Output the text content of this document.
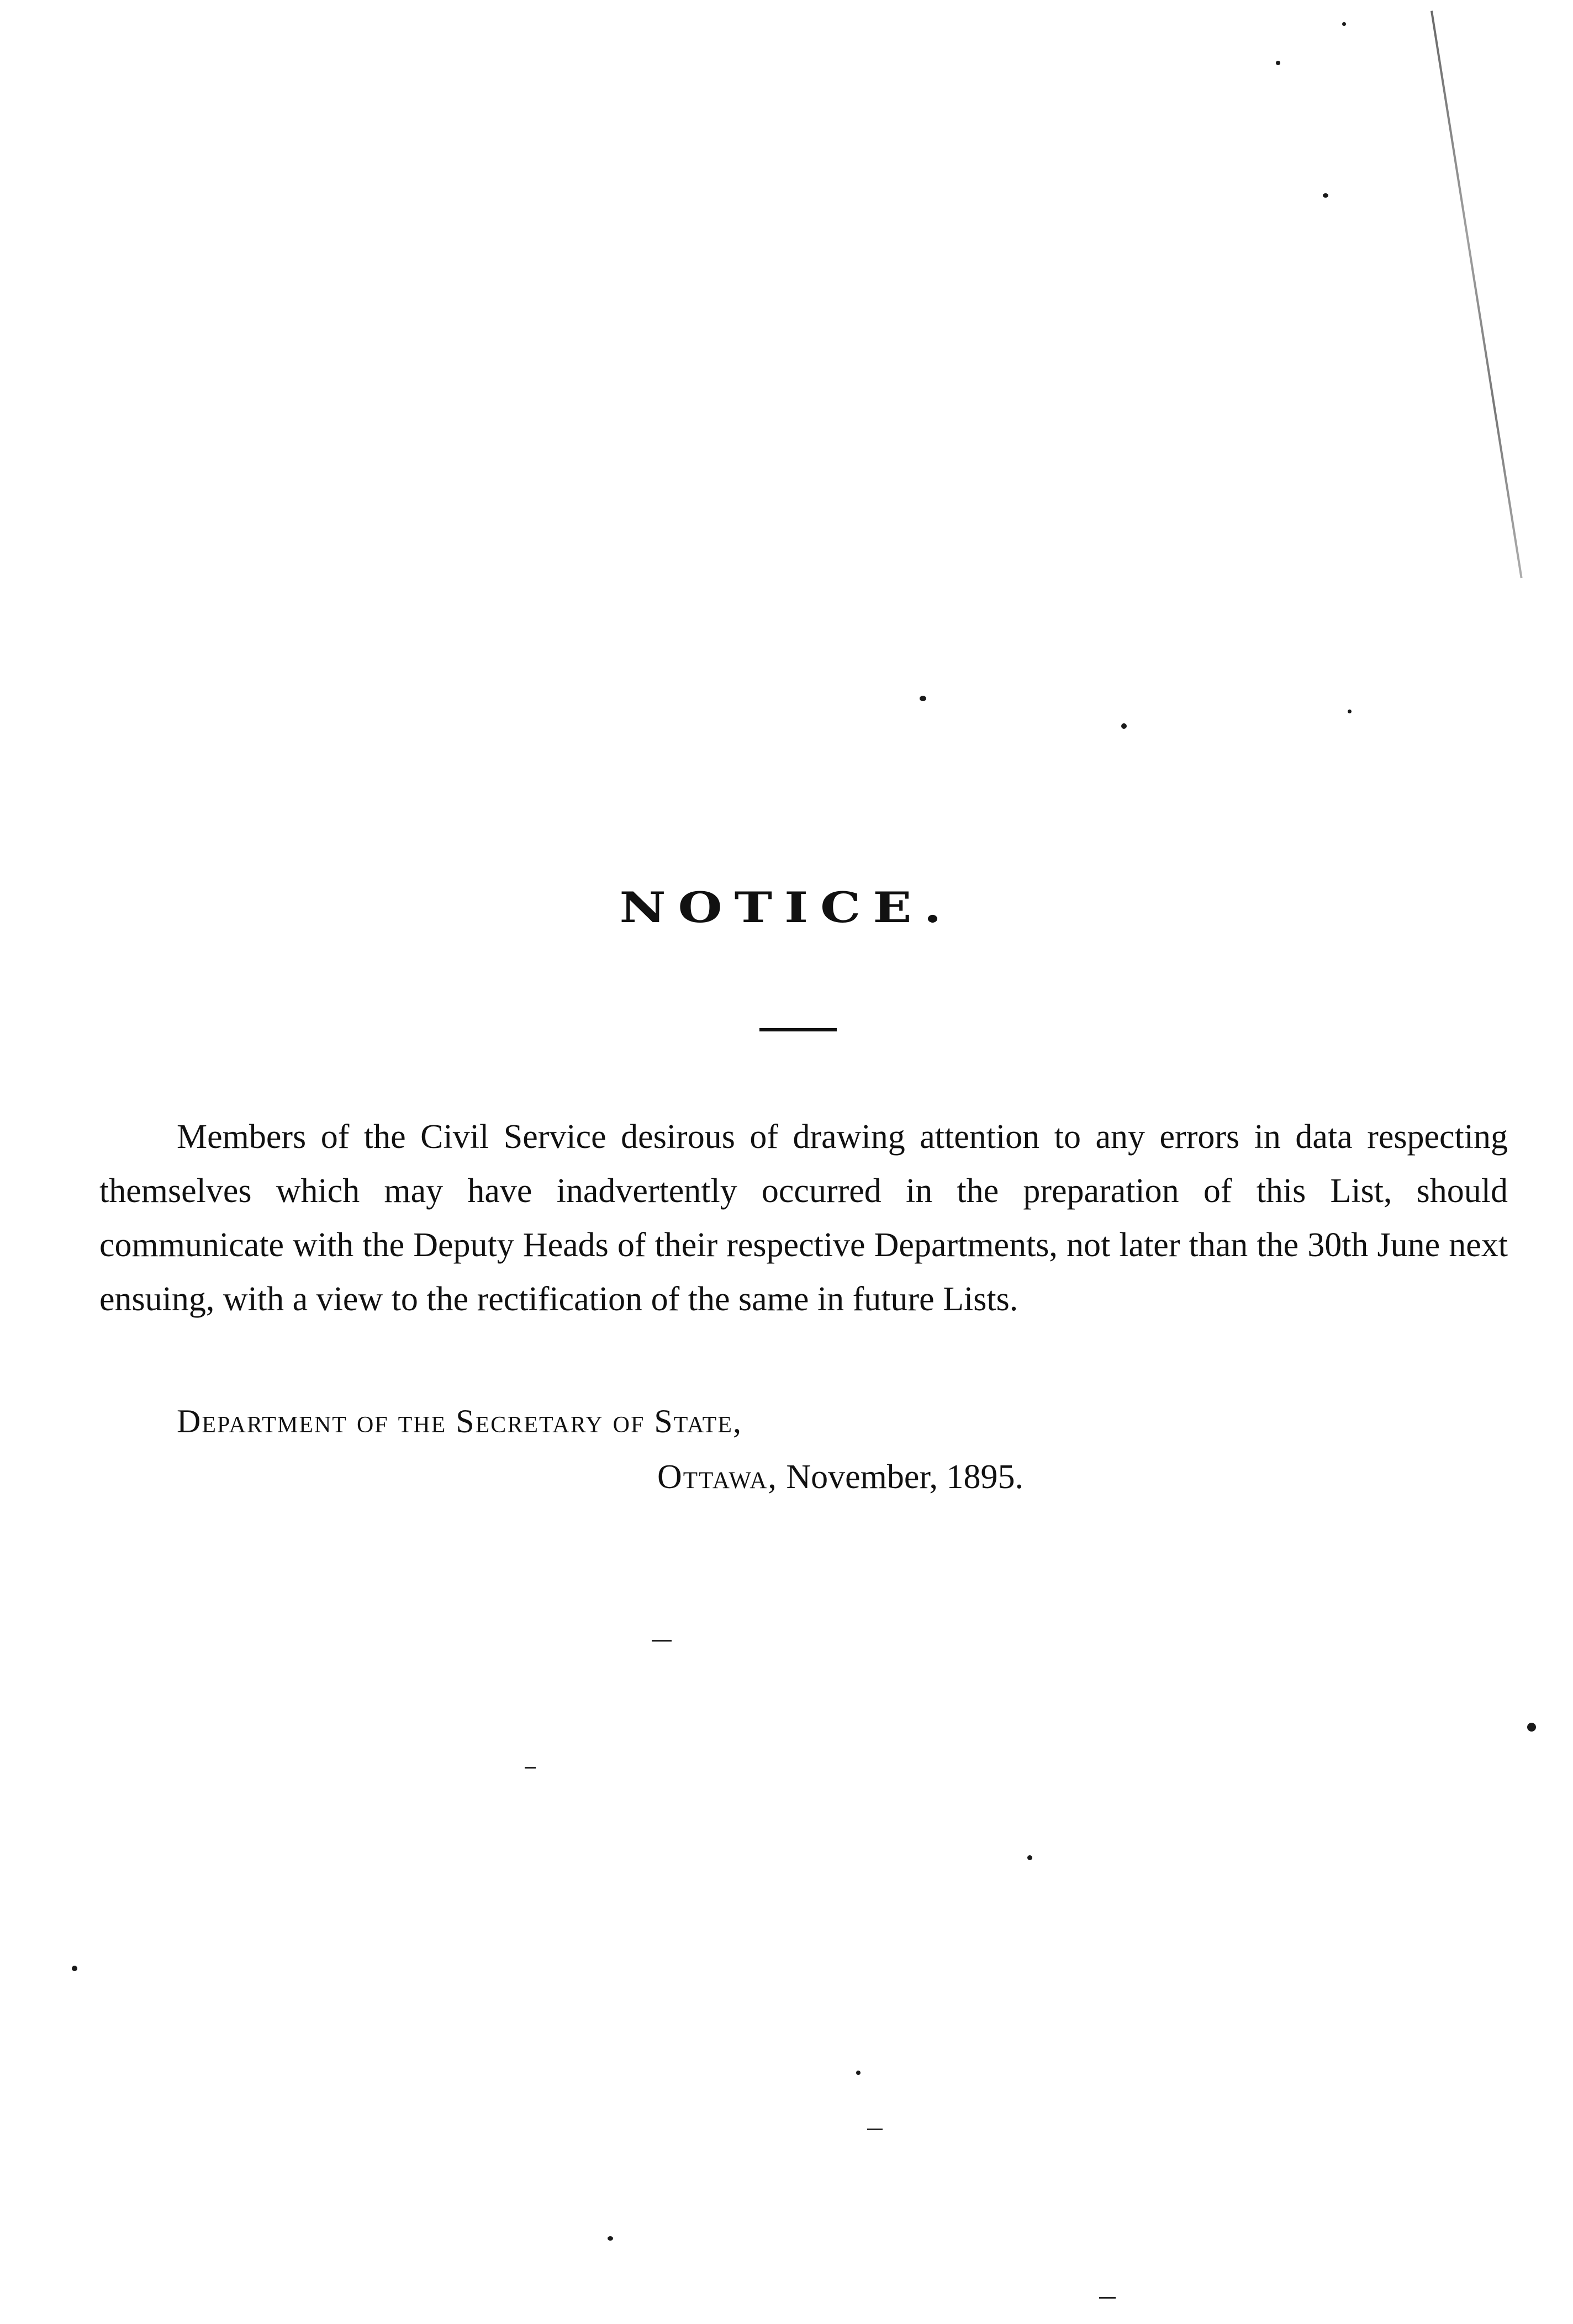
NOTICE.

Members of the Civil Service desirous of drawing attention to any errors in data respecting themselves which may have inadvertently occurred in the preparation of this List, should communicate with the Deputy Heads of their respective Departments, not later than the 30th June next ensuing, with a view to the rectification of the same in future Lists.

Department of the Secretary of State,
Ottawa, November, 1895.
